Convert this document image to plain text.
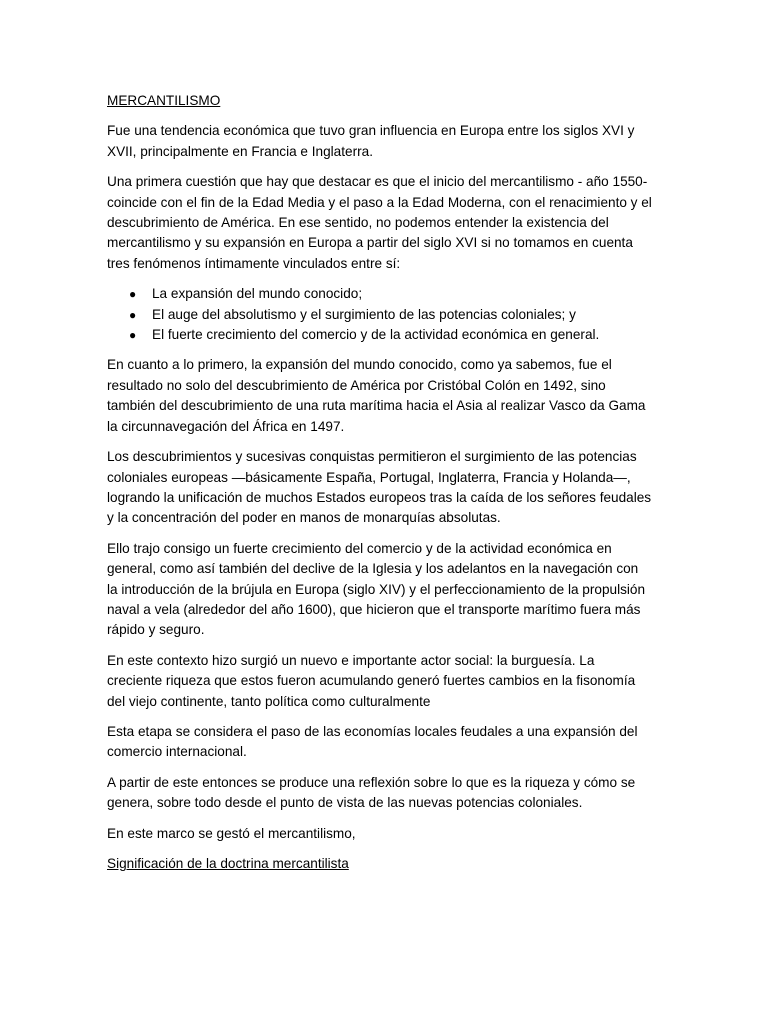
MERCANTILISMO

Fue una tendencia económica que tuvo gran influencia en Europa entre los siglos XVI y XVII, principalmente en Francia e Inglaterra.

Una primera cuestión que hay que destacar es que el inicio del mercantilismo - año 1550- coincide con el fin de la Edad Media y el paso a la Edad Moderna, con el renacimiento y el descubrimiento de América. En ese sentido, no podemos entender la existencia del mercantilismo y su expansión en Europa a partir del siglo XVI si no tomamos en cuenta tres fenómenos íntimamente vinculados entre sí:

● La expansión del mundo conocido;
● El auge del absolutismo y el surgimiento de las potencias coloniales; y
● El fuerte crecimiento del comercio y de la actividad económica en general.

En cuanto a lo primero, la expansión del mundo conocido, como ya sabemos, fue el resultado no solo del descubrimiento de América por Cristóbal Colón en 1492, sino también del descubrimiento de una ruta marítima hacia el Asia al realizar Vasco da Gama la circunnavegación del África en 1497.

Los descubrimientos y sucesivas conquistas permitieron el surgimiento de las potencias coloniales europeas —básicamente España, Portugal, Inglaterra, Francia y Holanda—, logrando la unificación de muchos Estados europeos tras la caída de los señores feudales y la concentración del poder en manos de monarquías absolutas.

Ello trajo consigo un fuerte crecimiento del comercio y de la actividad económica en general, como así también del declive de la Iglesia y los adelantos en la navegación con la introducción de la brújula en Europa (siglo XIV) y el perfeccionamiento de la propulsión naval a vela (alrededor del año 1600), que hicieron que el transporte marítimo fuera más rápido y seguro.

En este contexto hizo surgió un nuevo e importante actor social: la burguesía. La creciente riqueza que estos fueron acumulando generó fuertes cambios en la fisonomía del viejo continente, tanto política como culturalmente

Esta etapa se considera el paso de las economías locales feudales a una expansión del comercio internacional.

A partir de este entonces se produce una reflexión sobre lo que es la riqueza y cómo se genera, sobre todo desde el punto de vista de las nuevas potencias coloniales.

En este marco se gestó el mercantilismo,

Significación de la doctrina mercantilista
